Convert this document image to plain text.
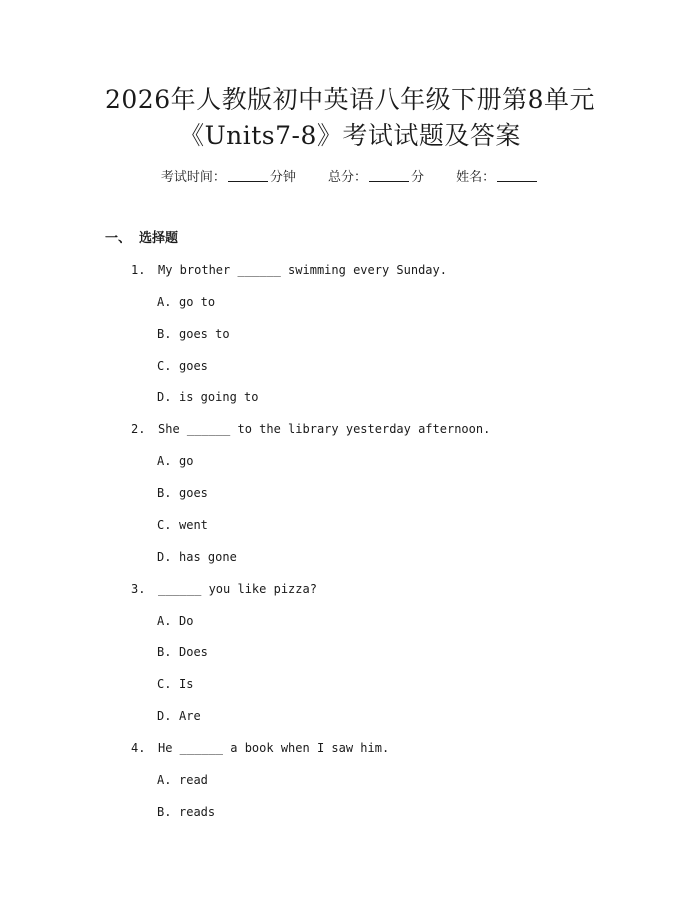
2026年人教版初中英语八年级下册第8单元
《Units7-8》考试试题及答案
考试时间：	分钟 总分：	分 姓名：
一、 选择题
1. My brother ______ swimming every Sunday.
A. go to
B. goes to
C. goes
D. is going to
2. She ______ to the library yesterday afternoon.
A. go
B. goes
C. went
D. has gone
3. ______ you like pizza?
A. Do
B. Does
C. Is
D. Are
4. He ______ a book when I saw him.
A. read
B. reads
